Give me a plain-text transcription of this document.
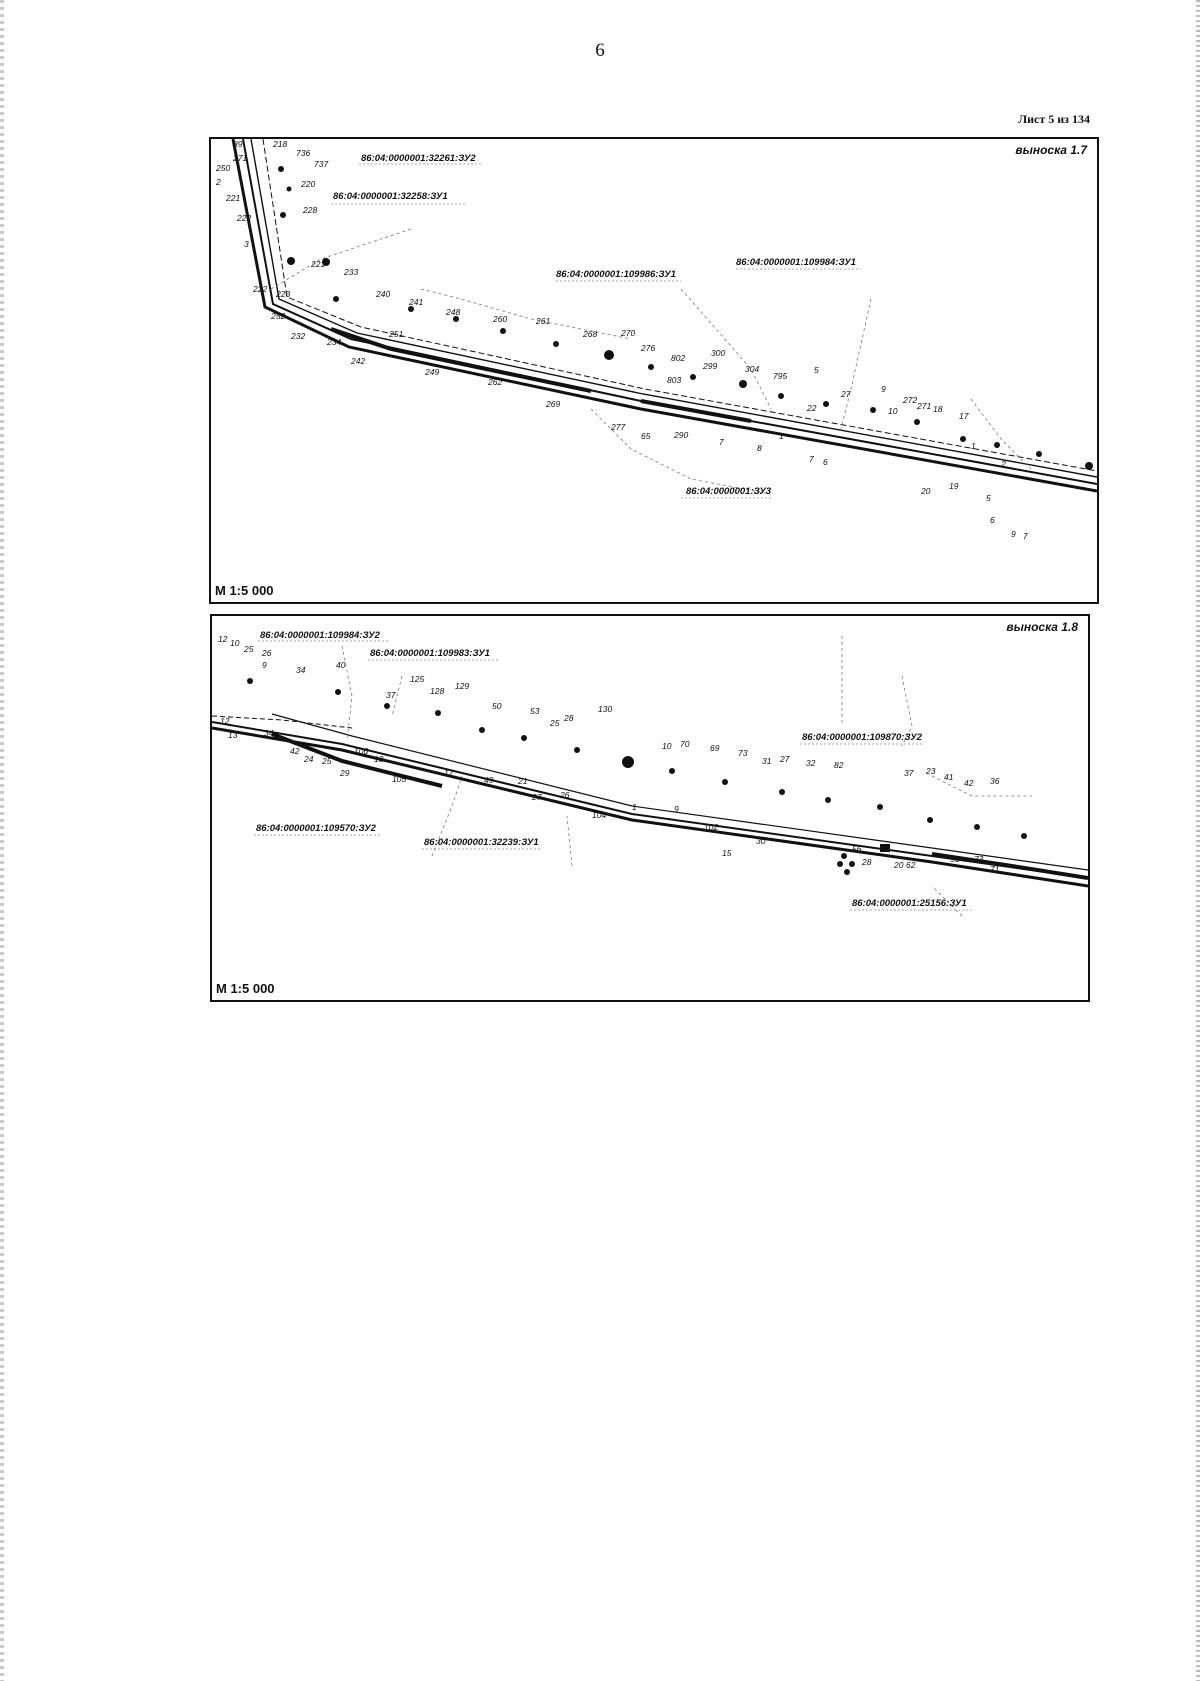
6
Лист 5 из 134
86:04:0000001:32261:ЗУ2
86:04:0000001:32258:ЗУ1
86:04:0000001:109986:ЗУ1
86:04:0000001:109984:ЗУ1
86:04:0000001:ЗУ3
89	218
736
737
271
250
2	220
221
228
222
3
221
233
222 223
252
240
241
251
248
260	261
268	270
276
802
803
300
299	304
795
5
27
22
9
10
272
271 18
17
232
234
242
249
262
269
277
65	290
7
8
1
7 6
20 19
5
6
9 7
1
2
выноска 1.7
М 1:5 000
86:04:0000001:109984:ЗУ2
86:04:0000001:109983:ЗУ1
86:04:0000001:109870:ЗУ2
86:04:0000001:109570:ЗУ2
86:04:0000001:32239:ЗУ1
86:04:0000001:25156:ЗУ1
12 10
25 26
9	34	40
37
125
128 129
50	53
28
25
130
10 70 69 73
31 27 32 82
37 23
41
42 36
12
13	34
42
24 25
29
106
13
105
17
49	21
27 26
104
1	9
102
15
30
56
28	20 62
56 73
71
выноска 1.8
М 1:5 000
